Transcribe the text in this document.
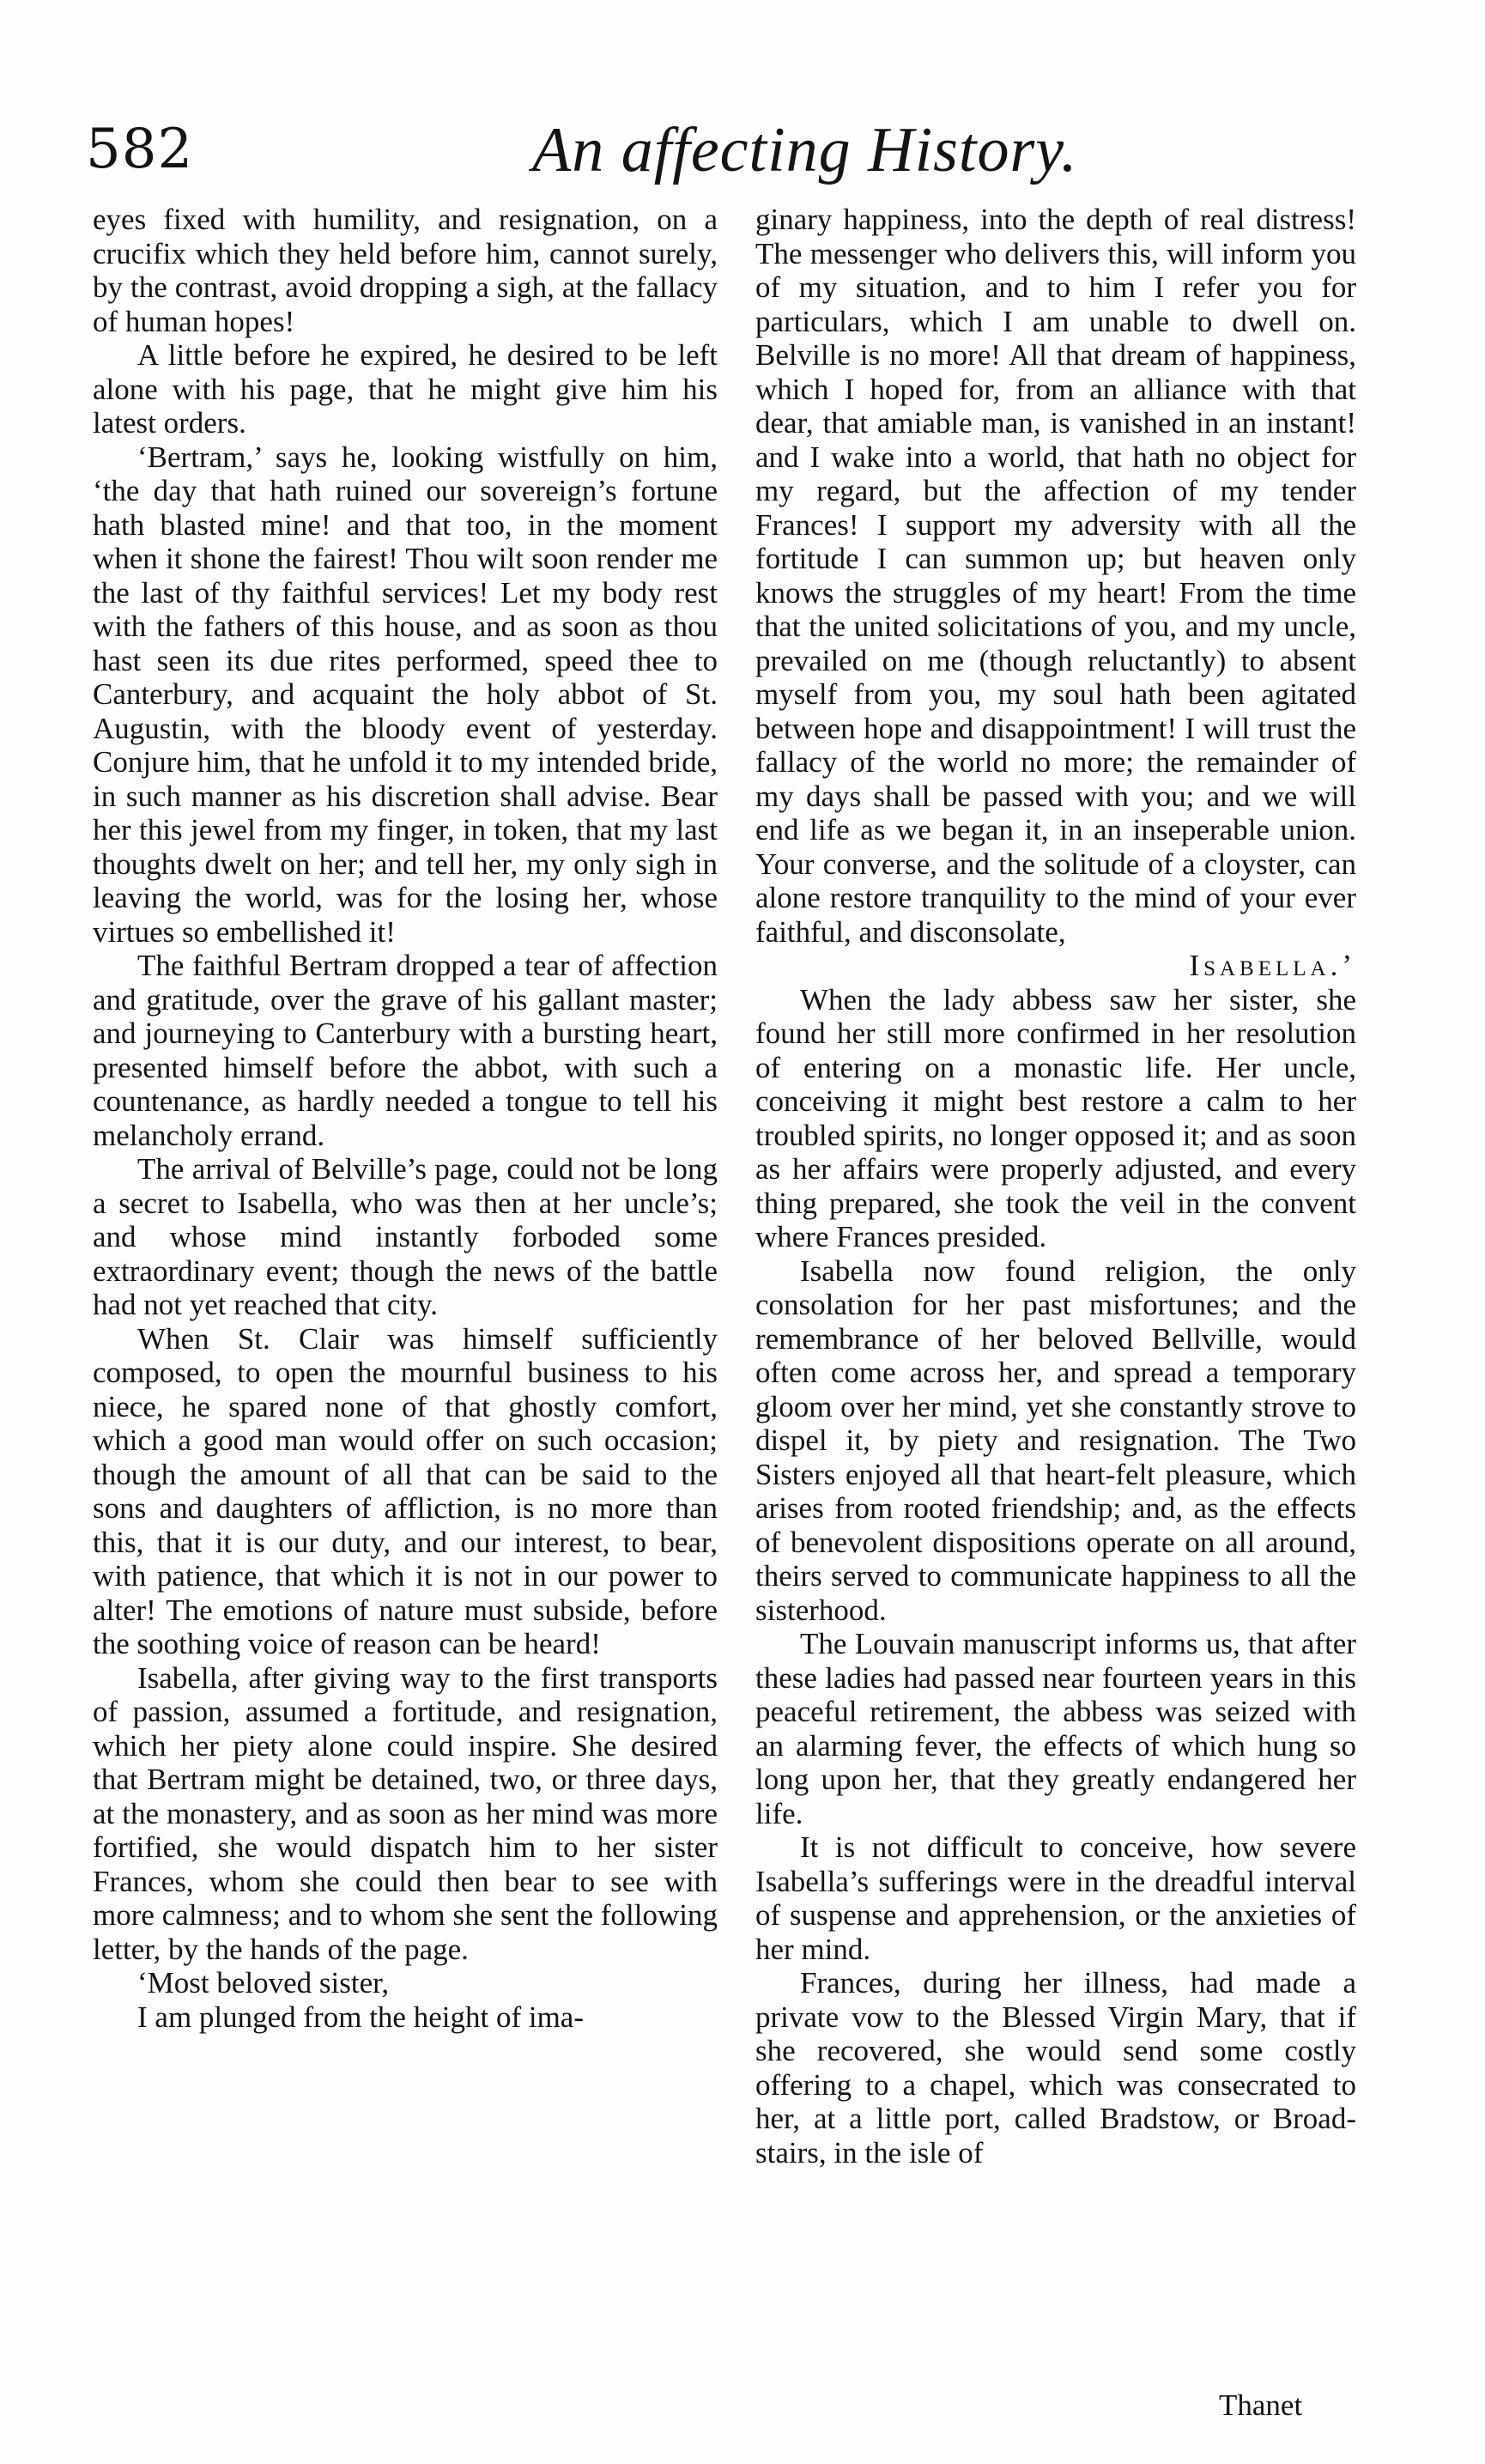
582	An affecting History.

eyes fixed with humility, and resignation, on a crucifix which they held before him, cannot surely, by the contrast, avoid dropping a sigh, at the fallacy of human hopes!

A little before he expired, he desired to be left alone with his page, that he might give him his latest orders.

‘Bertram,’ says he, looking wistfully on him, ‘the day that hath ruined our sovereign’s fortune hath blasted mine! and that too, in the moment when it shone the fairest! Thou wilt soon render me the last of thy faithful services! Let my body rest with the fathers of this house, and as soon as thou hast seen its due rites performed, speed thee to Canterbury, and acquaint the holy abbot of St. Augustin, with the bloody event of yesterday. Conjure him, that he unfold it to my intended bride, in such manner as his discretion shall advise. Bear her this jewel from my finger, in token, that my last thoughts dwelt on her; and tell her, my only sigh in leaving the world, was for the losing her, whose virtues so embellished it!

The faithful Bertram dropped a tear of affection and gratitude, over the grave of his gallant master; and journeying to Canterbury with a bursting heart, presented himself before the abbot, with such a countenance, as hardly needed a tongue to tell his melancholy errand.

The arrival of Belville’s page, could not be long a secret to Isabella, who was then at her uncle’s; and whose mind instantly forboded some extraordinary event; though the news of the battle had not yet reached that city.

When St. Clair was himself sufficiently composed, to open the mournful business to his niece, he spared none of that ghostly comfort, which a good man would offer on such occasion; though the amount of all that can be said to the sons and daughters of affliction, is no more than this, that it is our duty, and our interest, to bear, with patience, that which it is not in our power to alter! The emotions of nature must subside, before the soothing voice of reason can be heard!

Isabella, after giving way to the first transports of passion, assumed a fortitude, and resignation, which her piety alone could inspire. She desired that Bertram might be detained, two, or three days, at the monastery, and as soon as her mind was more fortified, she would dispatch him to her sister Frances, whom she could then bear to see with more calmness; and to whom she sent the following letter, by the hands of the page.

‘Most beloved sister,

I am plunged from the height of ima-

ginary happiness, into the depth of real distress! The messenger who delivers this, will inform you of my situation, and to him I refer you for particulars, which I am unable to dwell on. Belville is no more! All that dream of happiness, which I hoped for, from an alliance with that dear, that amiable man, is vanished in an instant! and I wake into a world, that hath no object for my regard, but the affection of my tender Frances! I support my adversity with all the fortitude I can summon up; but heaven only knows the struggles of my heart! From the time that the united solicitations of you, and my uncle, prevailed on me (though reluctantly) to absent myself from you, my soul hath been agitated between hope and disappointment! I will trust the fallacy of the world no more; the remainder of my days shall be passed with you; and we will end life as we began it, in an inseperable union. Your converse, and the solitude of a cloyster, can alone restore tranquility to the mind of your ever faithful, and disconsolate,

Isabella.’

When the lady abbess saw her sister, she found her still more confirmed in her resolution of entering on a monastic life. Her uncle, conceiving it might best restore a calm to her troubled spirits, no longer opposed it; and as soon as her affairs were properly adjusted, and every thing prepared, she took the veil in the convent where Frances presided.

Isabella now found religion, the only consolation for her past misfortunes; and the remembrance of her beloved Bellville, would often come across her, and spread a temporary gloom over her mind, yet she constantly strove to dispel it, by piety and resignation. The Two Sisters enjoyed all that heart-felt pleasure, which arises from rooted friendship; and, as the effects of benevolent dispositions operate on all around, theirs served to communicate happiness to all the sisterhood.

The Louvain manuscript informs us, that after these ladies had passed near fourteen years in this peaceful retirement, the abbess was seized with an alarming fever, the effects of which hung so long upon her, that they greatly endangered her life.

It is not difficult to conceive, how severe Isabella’s sufferings were in the dreadful interval of suspense and apprehension, or the anxieties of her mind.

Frances, during her illness, had made a private vow to the Blessed Virgin Mary, that if she recovered, she would send some costly offering to a chapel, which was consecrated to her, at a little port, called Bradstow, or Broad-stairs, in the isle of

Thanet
